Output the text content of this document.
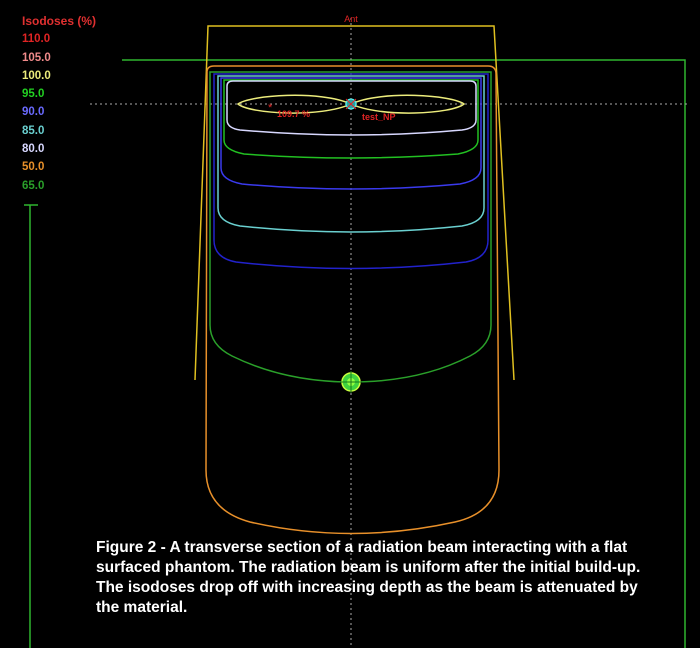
* 109.7 %	test_NP
Ant
Isodoses (%)
110.0
105.0
100.0
95.0
90.0
85.0
80.0
50.0
65.0
Figure 2 - A transverse section of a radiation beam interacting with a flat surfaced phantom. The radiation beam is uniform after the initial build-up. The isodoses drop off with increasing depth as the beam is attenuated by the material.
